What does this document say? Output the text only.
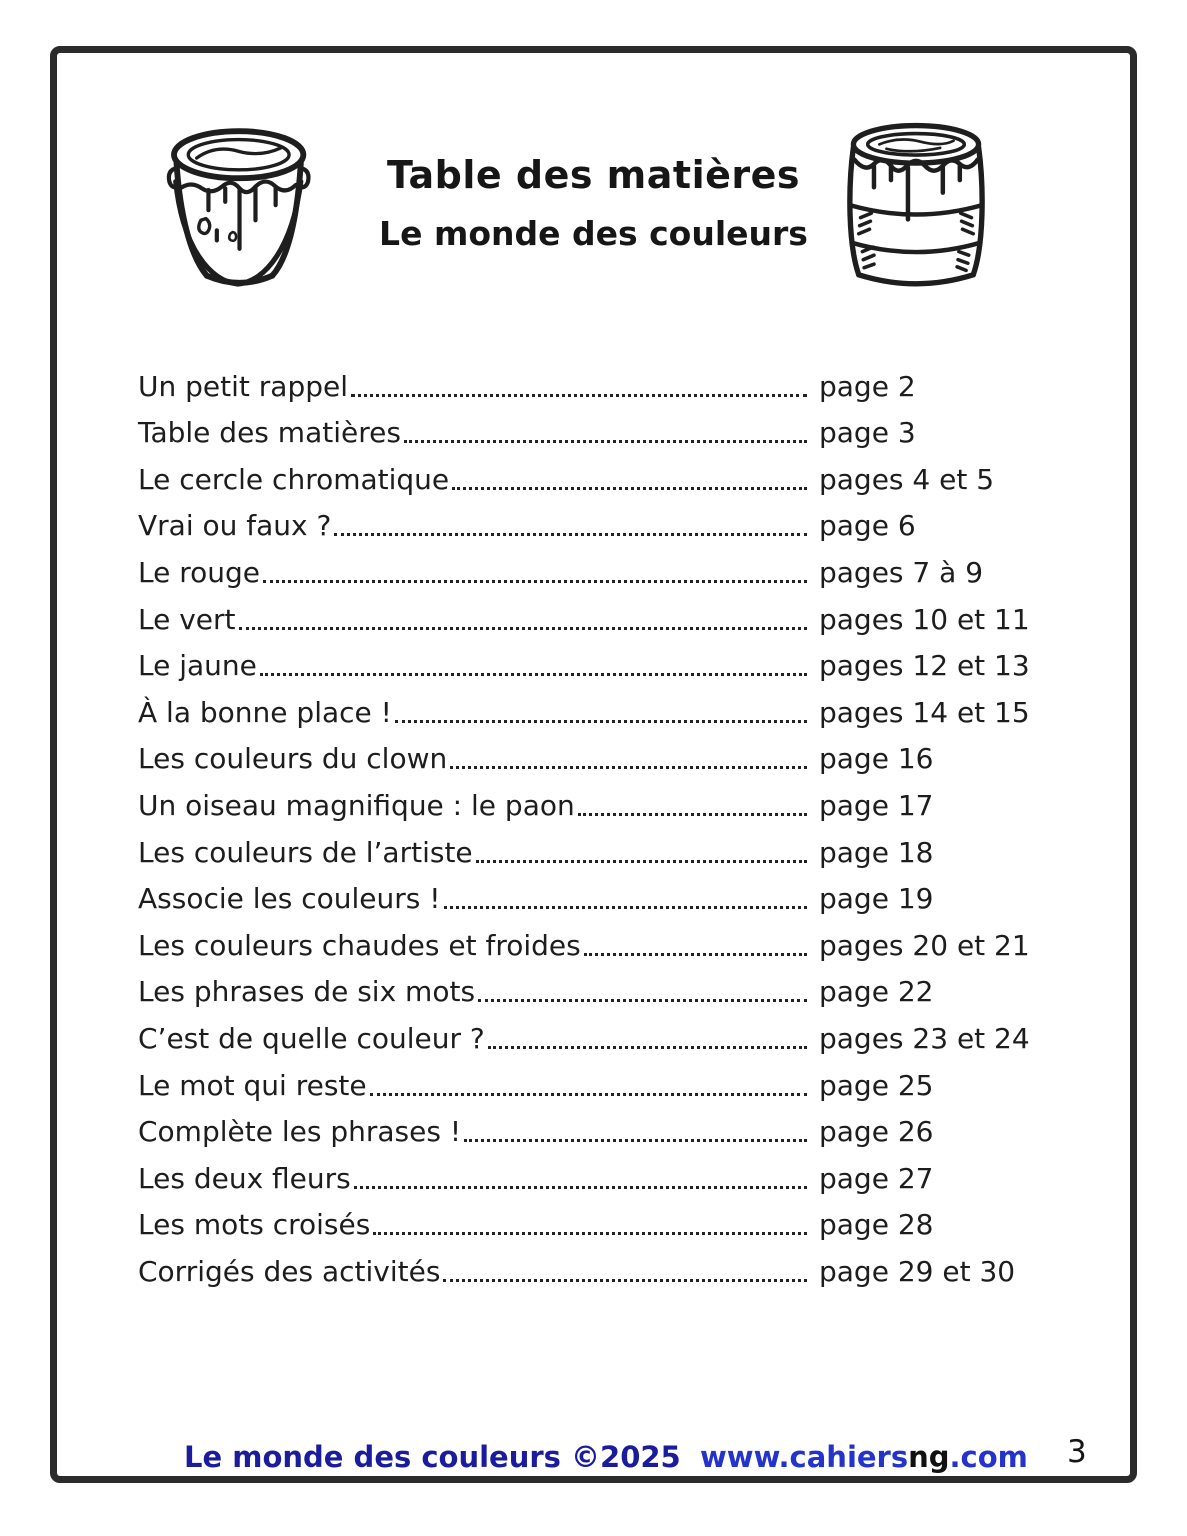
Table des matières
Le monde des couleurs
Un petit rappel	page 2
Table des matières	page 3
Le cercle chromatique	pages 4 et 5
Vrai ou faux ?	page 6
Le rouge	pages 7 à 9
Le vert	pages 10 et 11
Le jaune	pages 12 et 13
À la bonne place !	pages 14 et 15
Les couleurs du clown	page 16
Un oiseau magnifique : le paon	page 17
Les couleurs de l’artiste	page 18
Associe les couleurs !	page 19
Les couleurs chaudes et froides	pages 20 et 21
Les phrases de six mots	page 22
C’est de quelle couleur ?	pages 23 et 24
Le mot qui reste	page 25
Complète les phrases !	page 26
Les deux fleurs	page 27
Les mots croisés	page 28
Corrigés des activités	page 29 et 30
Le monde des couleurs ©2025 www.cahiersng.com 3
